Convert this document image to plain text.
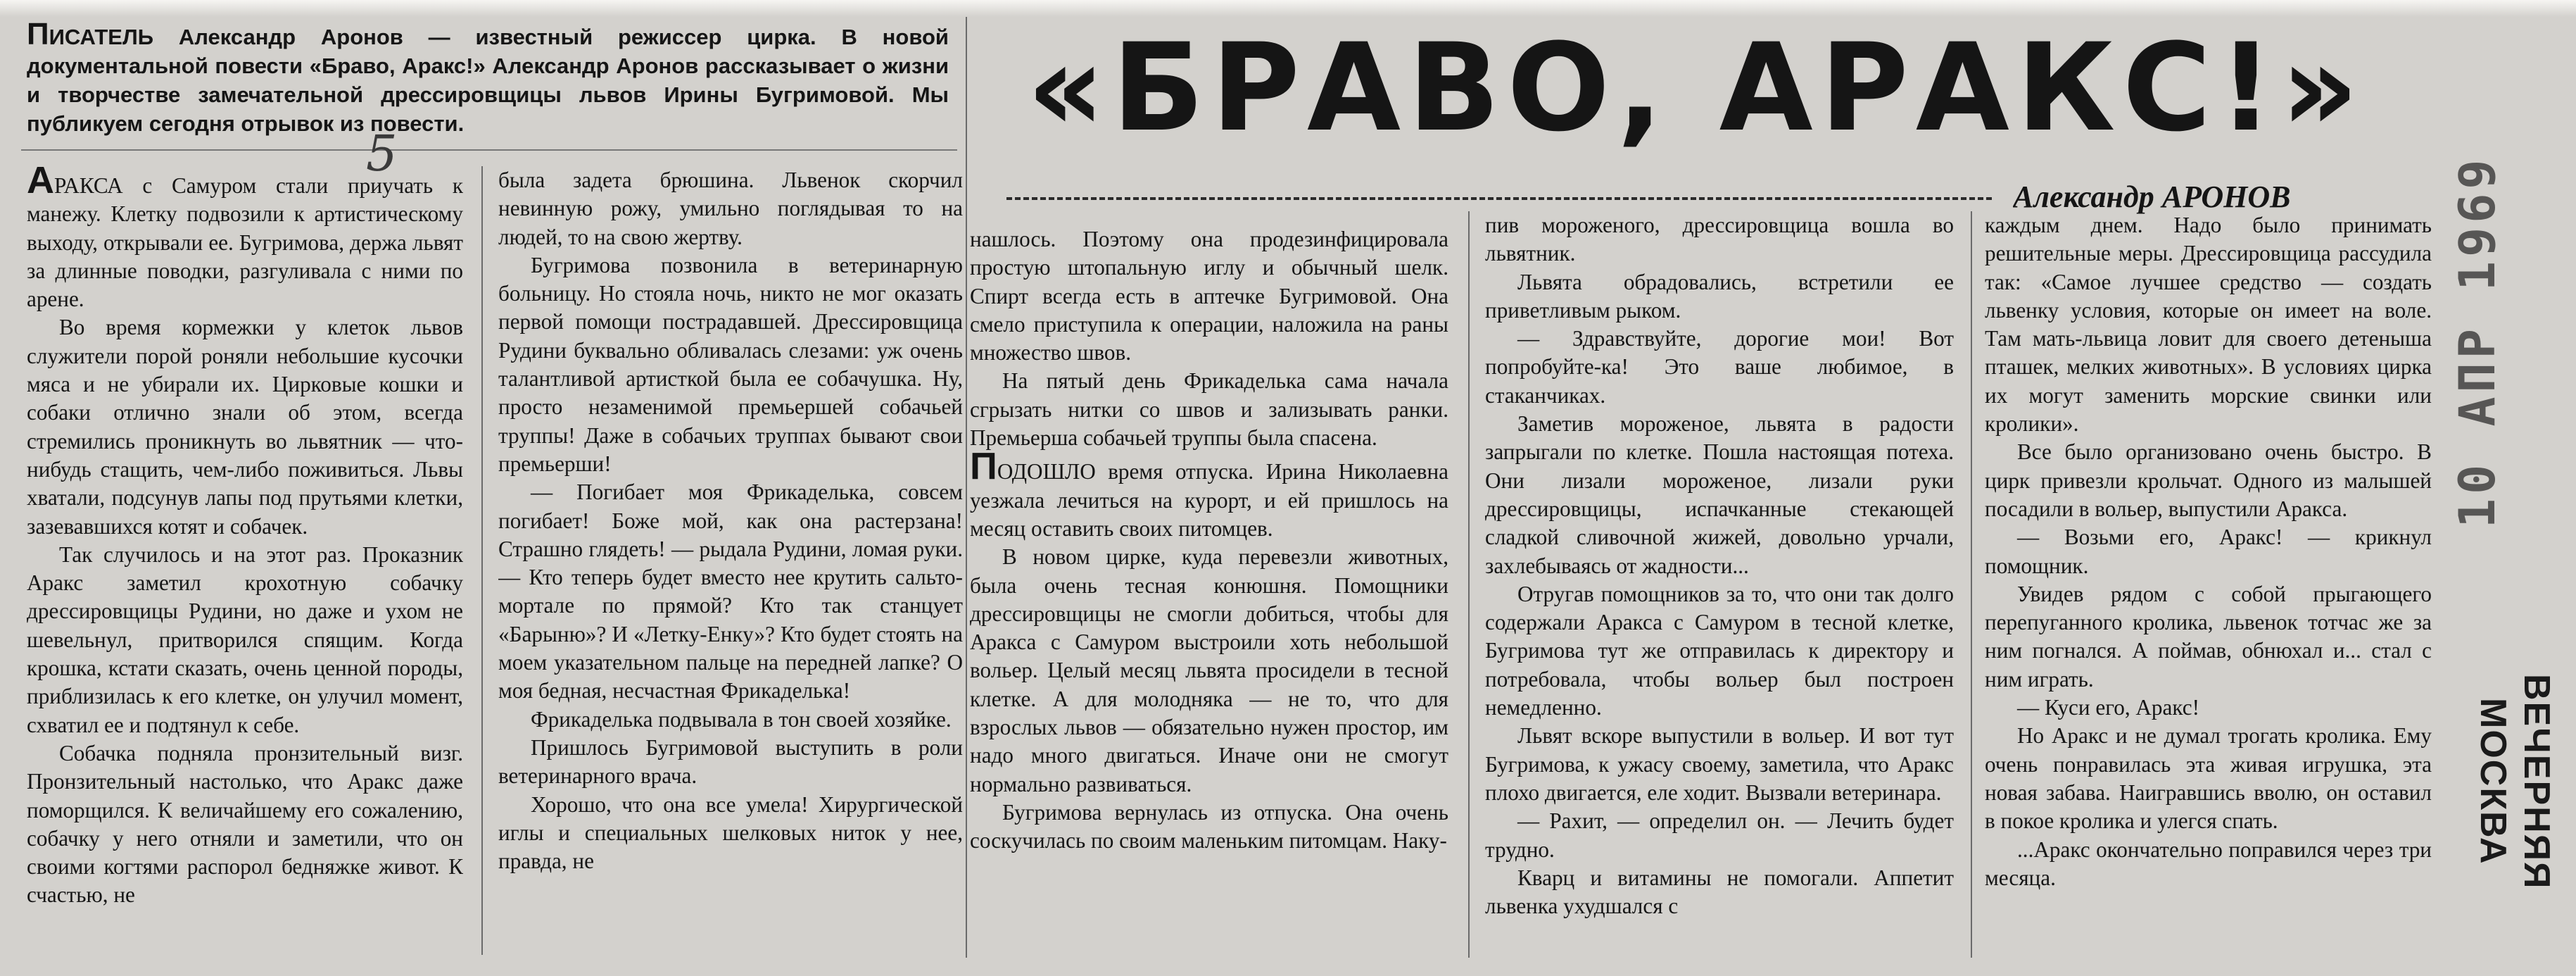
ПИСАТЕЛЬ Александр Аронов — известный режиссер цирка. В новой документальной повести «Браво, Аракс!» Александр Аронов рассказывает о жизни и творчестве замечательной дрессировщицы львов Ирины Бугримовой. Мы публикуем сегодня отрывок из повести.
5	«БРАВО, АРАКС!»
Александр АРОНОВ

АРАКСА с Самуром стали приучать к манежу. Клетку подвозили к артистическому выходу, открывали ее. Бугримова, держа львят за длинные поводки, разгуливала с ними по арене.

Во время кормежки у клеток львов служители порой роняли небольшие кусочки мяса и не убирали их. Цирковые кошки и собаки отлично знали об этом, всегда стремились проникнуть во львятник — что-нибудь стащить, чем-либо поживиться. Львы хватали, подсунув лапы под прутьями клетки, зазевавшихся котят и собачек.

Так случилось и на этот раз. Проказник Аракс заметил крохотную собачку дрессировщицы Рудини, но даже и ухом не шевельнул, притворился спящим. Когда крошка, кстати сказать, очень ценной породы, приблизилась к его клетке, он улучил момент, схватил ее и подтянул к себе.

Собачка подняла пронзительный визг. Пронзительный настолько, что Аракс даже поморщился. К величайшему его сожалению, собачку у него отняли и заметили, что он своими когтями распорол бедняжке живот. К счастью, не

была задета брюшина. Львенок скорчил невинную рожу, умильно поглядывая то на людей, то на свою жертву.

Бугримова позвонила в ветеринарную больницу. Но стояла ночь, никто не мог оказать первой помощи пострадавшей. Дрессировщица Рудини буквально обливалась слезами: уж очень талантливой артисткой была ее собачушка. Ну, просто незаменимой премьершей собачьей труппы! Даже в собачьих труппах бывают свои премьерши!

— Погибает моя Фрикаделька, совсем погибает! Боже мой, как она растерзана! Страшно глядеть! — рыдала Рудини, ломая руки.— Кто теперь будет вместо нее крутить сальто-мортале по прямой? Кто так станцует «Барыню»? И «Летку-Енку»? Кто будет стоять на моем указательном пальце на передней лапке? О моя бедная, несчастная Фрикаделька!

Фрикаделька подвывала в тон своей хозяйке.

Пришлось Бугримовой выступить в роли ветеринарного врача.

Хорошо, что она все умела! Хирургической иглы и специальных шелковых ниток у нее, правда, не

нашлось. Поэтому она продезинфицировала простую штопальную иглу и обычный шелк. Спирт всегда есть в аптечке Бугримовой. Она смело приступила к операции, наложила на раны множество швов.

На пятый день Фрикаделька сама начала сгрызать нитки со швов и зализывать ранки. Премьерша собачьей труппы была спасена.

ПОДОШЛО время отпуска. Ирина Николаевна уезжала лечиться на курорт, и ей пришлось на месяц оставить своих питомцев.

В новом цирке, куда перевезли животных, была очень тесная конюшня. Помощники дрессировщицы не смогли добиться, чтобы для Аракса с Самуром выстроили хоть небольшой вольер. Целый месяц львята просидели в тесной клетке. А для молодняка — не то, что для взрослых львов — обязательно нужен простор, им надо много двигаться. Иначе они не смогут нормально развиваться.

Бугримова вернулась из отпуска. Она очень соскучилась по своим маленьким питомцам. Наку-

пив мороженого, дрессировщица вошла во львятник.

Львята обрадовались, встретили ее приветливым рыком.

— Здравствуйте, дорогие мои! Вот попробуйте-ка! Это ваше любимое, в стаканчиках.

Заметив мороженое, львята в радости запрыгали по клетке. Пошла настоящая потеха. Они лизали мороженое, лизали руки дрессировщицы, испачканные стекающей сладкой сливочной жижей, довольно урчали, захлебываясь от жадности...

Отругав помощников за то, что они так долго содержали Аракса с Самуром в тесной клетке, Бугримова тут же отправилась к директору и потребовала, чтобы вольер был построен немедленно.

Львят вскоре выпустили в вольер. И вот тут Бугримова, к ужасу своему, заметила, что Аракс плохо двигается, еле ходит. Вызвали ветеринара.

— Рахит, — определил он. — Лечить будет трудно.

Кварц и витамины не помогали. Аппетит львенка ухудшался с

каждым днем. Надо было принимать решительные меры. Дрессировщица рассудила так: «Самое лучшее средство — создать львенку условия, которые он имеет на воле. Там мать-львица ловит для своего детеныша пташек, мелких животных». В условиях цирка их могут заменить морские свинки или кролики».

Все было организовано очень быстро. В цирк привезли крольчат. Одного из малышей посадили в вольер, выпустили Аракса.

— Возьми его, Аракс! — крикнул помощник.

Увидев рядом с собой прыгающего перепуганного кролика, львенок тотчас же за ним погнался. А поймав, обнюхал и... стал с ним играть.

— Куси его, Аракс!

Но Аракс и не думал трогать кролика. Ему очень понравилась эта живая игрушка, эта новая забава. Наигравшись вволю, он оставил в покое кролика и улегся спать.

...Аракс окончательно поправился через три месяца.

10 АПР 1969
ВЕЧЕРНЯЯ
МОСКВА
